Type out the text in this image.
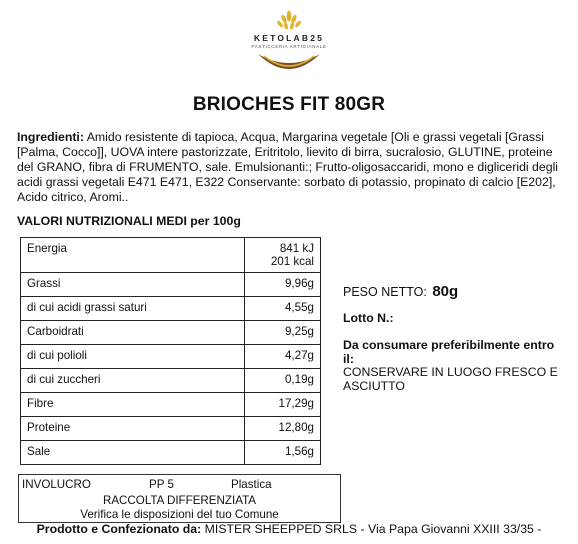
KETOLAB25
PASTICCERIA ARTIGIANALE
BRIOCHES FIT 80GR
Ingredienti: Amido resistente di tapioca, Acqua, Margarina vegetale [Oli e grassi vegetali [Grassi [Palma, Cocco]], UOVA intere pastorizzate, Eritritolo, lievito di birra, sucralosio, GLUTINE, proteine del GRANO, fibra di FRUMENTO, sale. Emulsionanti:; Frutto-oligosaccaridi, mono e digliceridi degli acidi grassi vegetali E471 E471, E322 Conservante: sorbato di potassio, propinato di calcio [E202], Acido citrico, Aromi..
VALORI NUTRIZIONALI MEDI per 100g
Energia	841 kJ
201 kcal
Grassi	9,96g
di cui acidi grassi saturi	4,55g
Carboidrati	9,25g
di cui polioli	4,27g
di cui zuccheri	0,19g
Fibre	17,29g
Proteine	12,80g
Sale	1,56g
PESO NETTO: 80g
Lotto N.:
Da consumare preferibilmente entro il:
CONSERVARE IN LUOGO FRESCO E ASCIUTTO
INVOLUCRO	PP 5	Plastica
RACCOLTA DIFFERENZIATA
Verifica le disposizioni del tuo Comune
Prodotto e Confezionato da: MISTER SHEEPPED SRLS - Via Papa Giovanni XXIII 33/35 -
